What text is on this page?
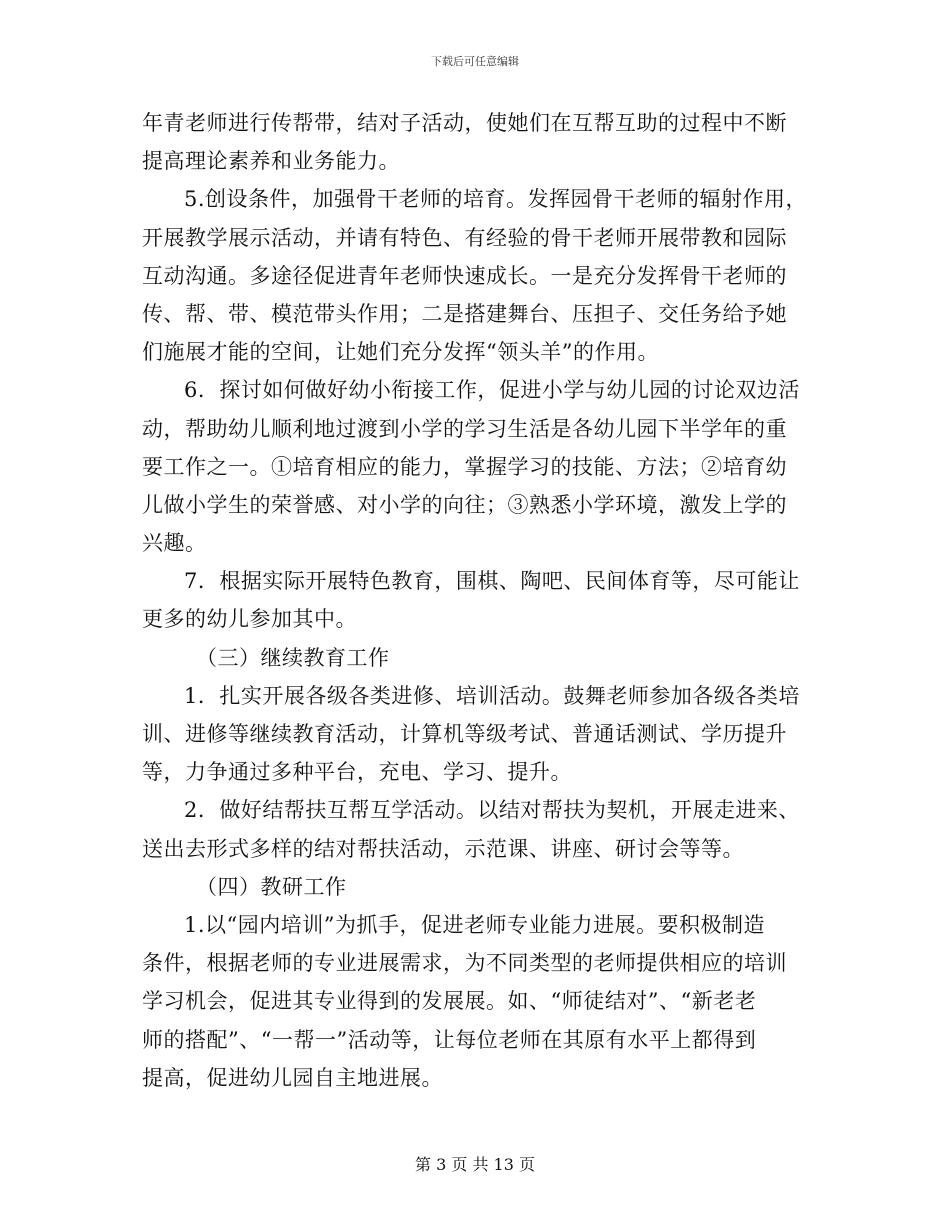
下载后可任意编辑
年青老师进行传帮带，结对子活动，使她们在互帮互助的过程中不断
提高理论素养和业务能力。
5.创设条件，加强骨干老师的培育。发挥园骨干老师的辐射作用，
开展教学展示活动，并请有特色、有经验的骨干老师开展带教和园际
互动沟通。多途径促进青年老师快速成长。一是充分发挥骨干老师的
传、帮、带、模范带头作用；二是搭建舞台、压担子、交任务给予她
们施展才能的空间，让她们充分发挥“领头羊”的作用。
6．探讨如何做好幼小衔接工作，促进小学与幼儿园的讨论双边活
动，帮助幼儿顺利地过渡到小学的学习生活是各幼儿园下半学年的重
要工作之一。①培育相应的能力，掌握学习的技能、方法；②培育幼
儿做小学生的荣誉感、对小学的向往；③熟悉小学环境，激发上学的
兴趣。
7．根据实际开展特色教育，围棋、陶吧、民间体育等，尽可能让
更多的幼儿参加其中。
（三）继续教育工作
1．扎实开展各级各类进修、培训活动。鼓舞老师参加各级各类培
训、进修等继续教育活动，计算机等级考试、普通话测试、学历提升
等，力争通过多种平台，充电、学习、提升。
2．做好结帮扶互帮互学活动。以结对帮扶为契机，开展走进来、
送出去形式多样的结对帮扶活动，示范课、讲座、研讨会等等。
（四）教研工作
1.以“园内培训”为抓手，促进老师专业能力进展。要积极制造
条件，根据老师的专业进展需求，为不同类型的老师提供相应的培训
学习机会，促进其专业得到的发展展。如、“师徒结对”、“新老老
师的搭配”、“一帮一”活动等，让每位老师在其原有水平上都得到
提高，促进幼儿园自主地进展。
第 3 页 共 13 页
